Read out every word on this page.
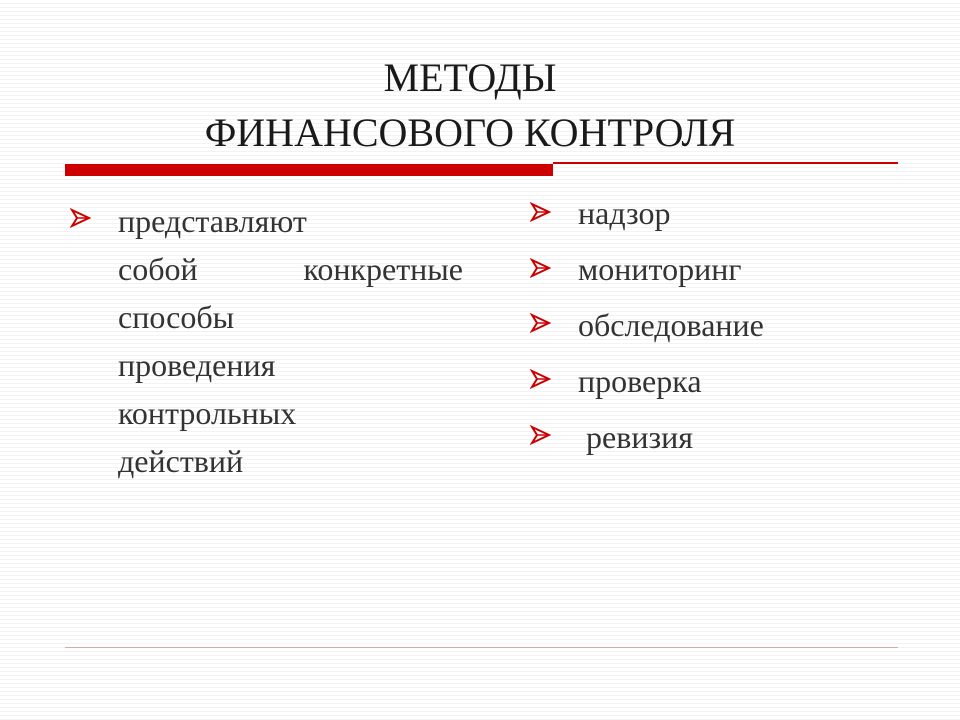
МЕТОДЫ
ФИНАНСОВОГО КОНТРОЛЯ
представляют
собой	конкретные
способы
проведения
контрольных
действий
надзор
мониторинг
обследование
проверка
ревизия
